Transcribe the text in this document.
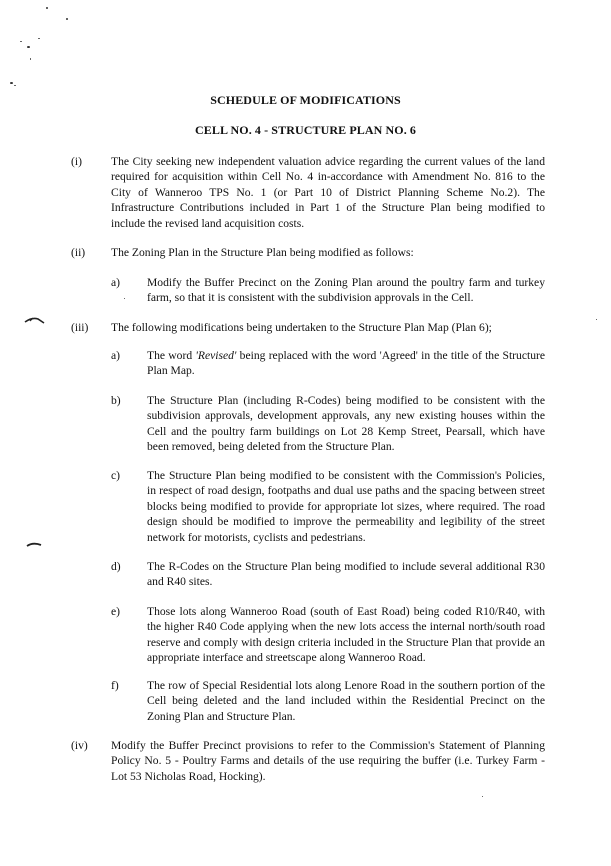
SCHEDULE OF MODIFICATIONS
CELL NO. 4 - STRUCTURE PLAN NO. 6
(i)	The City seeking new independent valuation advice regarding the current values of the land required for acquisition within Cell No. 4 in-accordance with Amendment No. 816 to the City of Wanneroo TPS No. 1 (or Part 10 of District Planning Scheme No.2). The Infrastructure Contributions included in Part 1 of the Structure Plan being modified to include the revised land acquisition costs.
(ii) The Zoning Plan in the Structure Plan being modified as follows:
a) Modify the Buffer Precinct on the Zoning Plan around the poultry farm and turkey farm, so that it is consistent with the subdivision approvals in the Cell.
(iii) The following modifications being undertaken to the Structure Plan Map (Plan 6);
a) The word 'Revised' being replaced with the word 'Agreed' in the title of the Structure Plan Map.
b) The Structure Plan (including R-Codes) being modified to be consistent with the subdivision approvals, development approvals, any new existing houses within the Cell and the poultry farm buildings on Lot 28 Kemp Street, Pearsall, which have been removed, being deleted from the Structure Plan.
c) The Structure Plan being modified to be consistent with the Commission's Policies, in respect of road design, footpaths and dual use paths and the spacing between street blocks being modified to provide for appropriate lot sizes, where required. The road design should be modified to improve the permeability and legibility of the street network for motorists, cyclists and pedestrians.
d) The R-Codes on the Structure Plan being modified to include several additional R30 and R40 sites.
e) Those lots along Wanneroo Road (south of East Road) being coded R10/R40, with the higher R40 Code applying when the new lots access the internal north/south road reserve and comply with design criteria included in the Structure Plan that provide an appropriate interface and streetscape along Wanneroo Road.
f) The row of Special Residential lots along Lenore Road in the southern portion of the Cell being deleted and the land included within the Residential Precinct on the Zoning Plan and Structure Plan.
(iv) Modify the Buffer Precinct provisions to refer to the Commission's Statement of Planning Policy No. 5 - Poultry Farms and details of the use requiring the buffer (i.e. Turkey Farm - Lot 53 Nicholas Road, Hocking).
